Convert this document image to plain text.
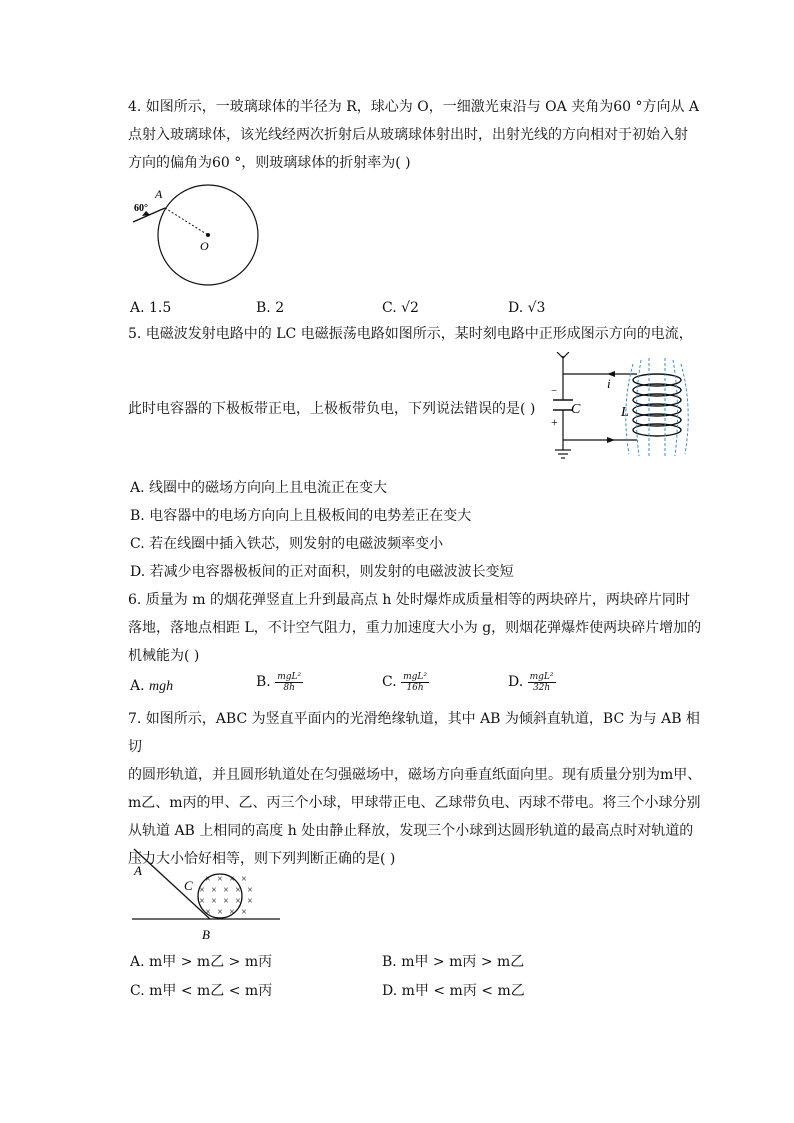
4. 如图所示，一玻璃球体的半径为 R，球心为 O，一细激光束沿与 OA 夹角为60 °方向从 A
点射入玻璃球体，该光线经两次折射后从玻璃球体射出时，出射光线的方向相对于初始入射
方向的偏角为60 °，则玻璃球体的折射率为( )
A
60°
O
A. 1.5	B. 2	C. √2	D. √3
5. 电磁波发射电路中的 LC 电磁振荡电路如图所示，某时刻电路中正形成图示方向的电流，
此时电容器的下极板带正电，上极板带负电，下列说法错误的是( )
−
+
C
i
L
A. 线圈中的磁场方向向上且电流正在变大
B. 电容器中的电场方向向上且极板间的电势差正在变大
C. 若在线圈中插入铁芯，则发射的电磁波频率变小
D. 若减少电容器极板间的正对面积，则发射的电磁波波长变短
6. 质量为 m 的烟花弹竖直上升到最高点 h 处时爆炸成质量相等的两块碎片，两块碎片同时
落地，落地点相距 L，不计空气阻力，重力加速度大小为 g，则烟花弹爆炸使两块碎片增加的
机械能为( )
A. mgh	B. $\frac{\text{mgL²}}{8h}$	C. $\frac{\text{mgL²}}{16h}$	D. $\frac{\text{mgL²}}{32h}$
7. 如图所示，ABC 为竖直平面内的光滑绝缘轨道，其中 AB 为倾斜直轨道，BC 为与 AB 相切
的圆形轨道，并且圆形轨道处在匀强磁场中，磁场方向垂直纸面向里。现有质量分别为m甲、
m乙、m丙的甲、乙、丙三个小球，甲球带正电、乙球带负电、丙球不带电。将三个小球分别
从轨道 AB 上相同的高度 h 处由静止释放，发现三个小球到达圆形轨道的最高点时对轨道的
压力大小恰好相等，则下列判断正确的是( )
× × × ×
× × × × ×
× × × × ×
× × × ×
A
C
B
A. m甲 > m乙 > m丙	B. m甲 > m丙 > m乙
C. m甲 < m乙 < m丙	D. m甲 < m丙 < m乙
